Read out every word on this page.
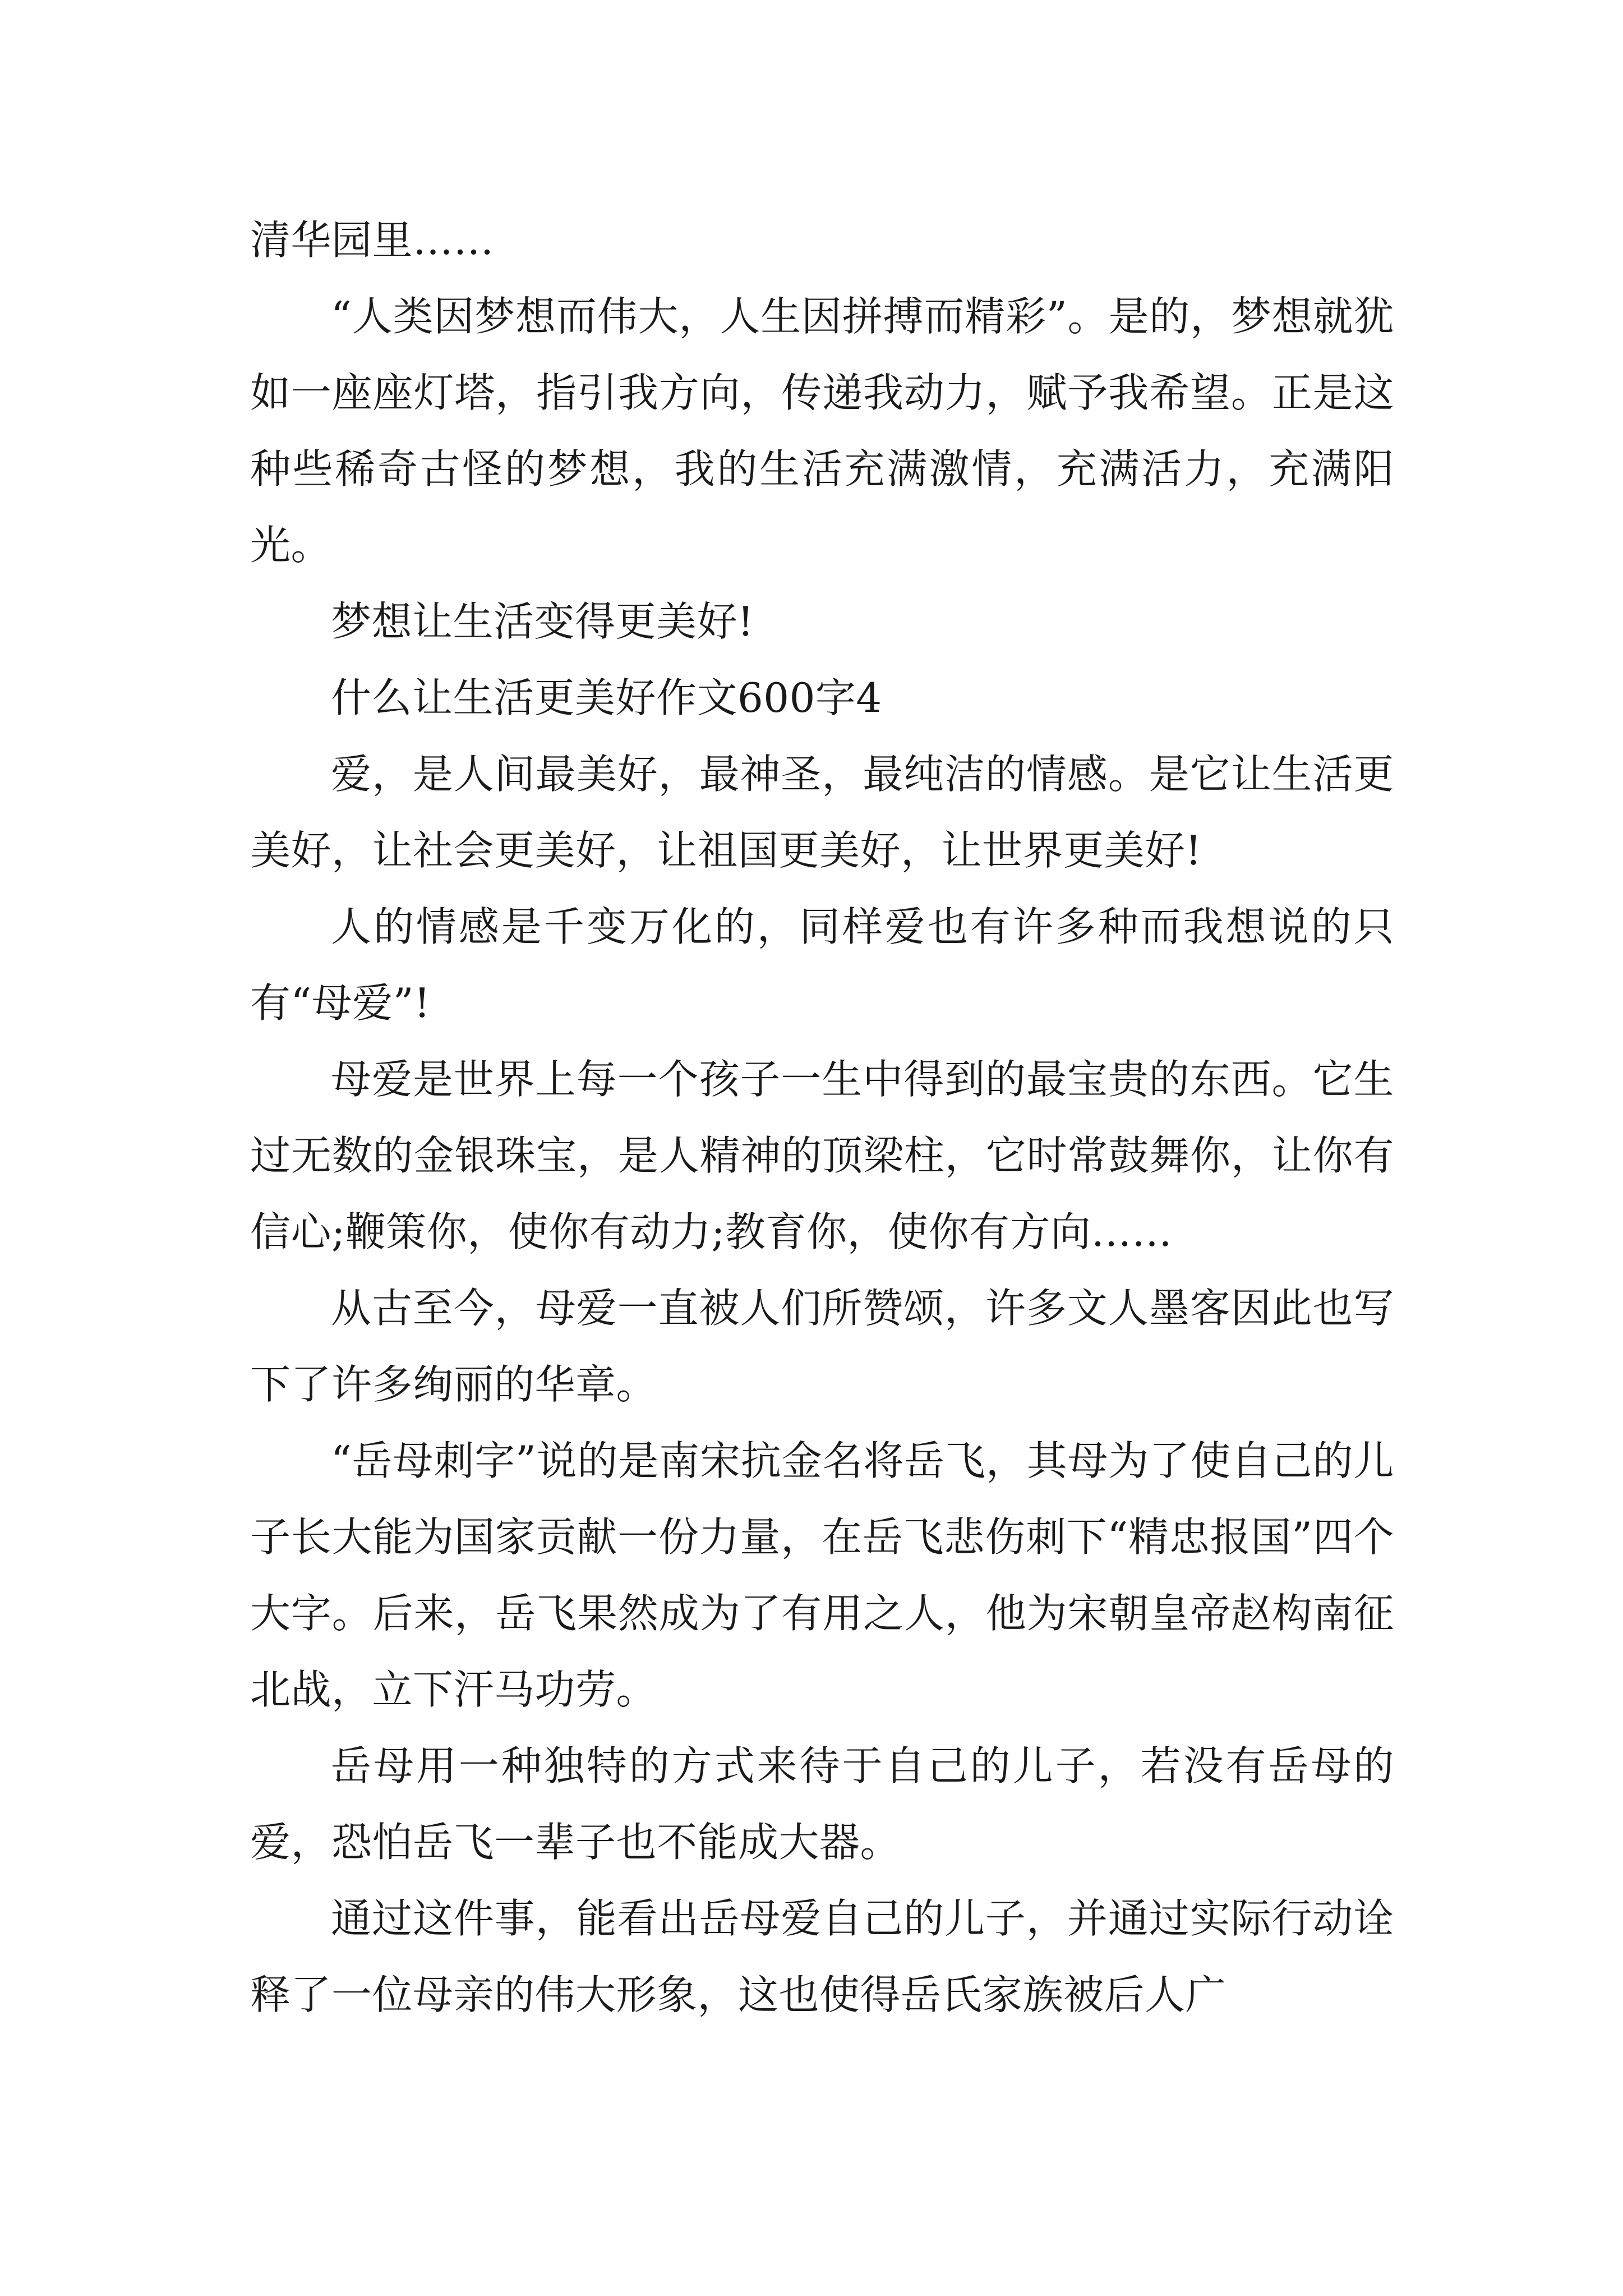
清华园里……

“人类因梦想而伟大，人生因拼搏而精彩”。是的，梦想就犹如一座座灯塔，指引我方向，传递我动力，赋予我希望。正是这种些稀奇古怪的梦想，我的生活充满激情，充满活力，充满阳光。

梦想让生活变得更美好!

什么让生活更美好作文600字4

爱，是人间最美好，最神圣，最纯洁的情感。是它让生活更美好，让社会更美好，让祖国更美好，让世界更美好!

人的情感是千变万化的，同样爱也有许多种而我想说的只有“母爱”!

母爱是世界上每一个孩子一生中得到的最宝贵的东西。它生过无数的金银珠宝，是人精神的顶梁柱，它时常鼓舞你，让你有信心;鞭策你，使你有动力;教育你，使你有方向……

从古至今，母爱一直被人们所赞颂，许多文人墨客因此也写下了许多绚丽的华章。

“岳母刺字”说的是南宋抗金名将岳飞，其母为了使自己的儿子长大能为国家贡献一份力量，在岳飞悲伤刺下“精忠报国”四个大字。后来，岳飞果然成为了有用之人，他为宋朝皇帝赵构南征北战，立下汗马功劳。

岳母用一种独特的方式来待于自己的儿子，若没有岳母的爱，恐怕岳飞一辈子也不能成大器。

通过这件事，能看出岳母爱自己的儿子，并通过实际行动诠释了一位母亲的伟大形象，这也使得岳氏家族被后人广
